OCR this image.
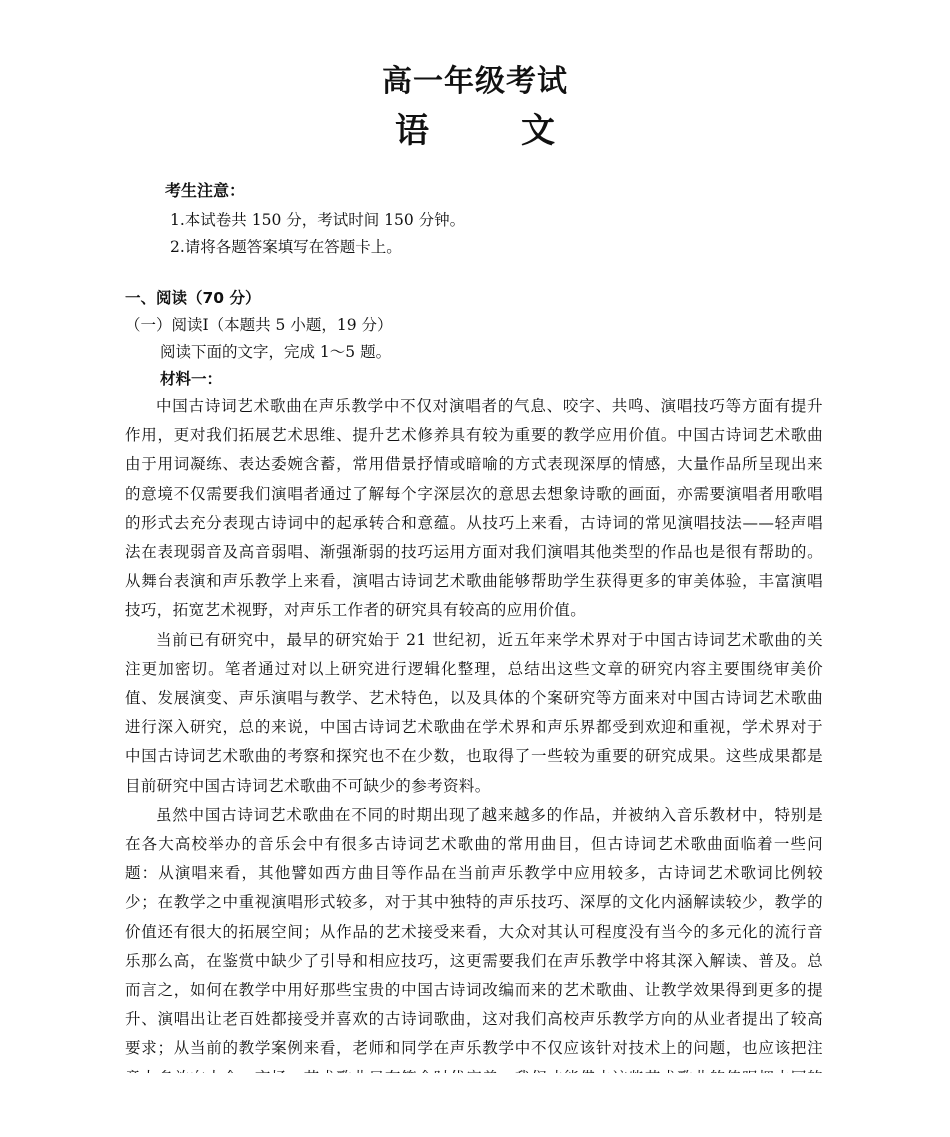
高一年级考试
语	文
考生注意：
1.本试卷共 150 分，考试时间 150 分钟。
2.请将各题答案填写在答题卡上。
一、阅读（70 分）
（一）阅读Ⅰ（本题共 5 小题，19 分）
阅读下面的文字，完成 1～5 题。
材料一：

中国古诗词艺术歌曲在声乐教学中不仅对演唱者的气息、咬字、共鸣、演唱技巧等方面有提升作用，更对我们拓展艺术思维、提升艺术修养具有较为重要的教学应用价值。中国古诗词艺术歌曲由于用词凝练、表达委婉含蓄，常用借景抒情或暗喻的方式表现深厚的情感，大量作品所呈现出来的意境不仅需要我们演唱者通过了解每个字深层次的意思去想象诗歌的画面，亦需要演唱者用歌唱的形式去充分表现古诗词中的起承转合和意蕴。从技巧上来看，古诗词的常见演唱技法——轻声唱法在表现弱音及高音弱唱、渐强渐弱的技巧运用方面对我们演唱其他类型的作品也是很有帮助的。从舞台表演和声乐教学上来看，演唱古诗词艺术歌曲能够帮助学生获得更多的审美体验，丰富演唱技巧，拓宽艺术视野，对声乐工作者的研究具有较高的应用价值。

当前已有研究中，最早的研究始于 21 世纪初，近五年来学术界对于中国古诗词艺术歌曲的关注更加密切。笔者通过对以上研究进行逻辑化整理，总结出这些文章的研究内容主要围绕审美价值、发展演变、声乐演唱与教学、艺术特色，以及具体的个案研究等方面来对中国古诗词艺术歌曲进行深入研究，总的来说，中国古诗词艺术歌曲在学术界和声乐界都受到欢迎和重视，学术界对于中国古诗词艺术歌曲的考察和探究也不在少数，也取得了一些较为重要的研究成果。这些成果都是目前研究中国古诗词艺术歌曲不可缺少的参考资料。

虽然中国古诗词艺术歌曲在不同的时期出现了越来越多的作品，并被纳入音乐教材中，特别是在各大高校举办的音乐会中有很多古诗词艺术歌曲的常用曲目，但古诗词艺术歌曲面临着一些问题：从演唱来看，其他譬如西方曲目等作品在当前声乐教学中应用较多，古诗词艺术歌词比例较少；在教学之中重视演唱形式较多，对于其中独特的声乐技巧、深厚的文化内涵解读较少，教学的价值还有很大的拓展空间；从作品的艺术接受来看，大众对其认可程度没有当今的多元化的流行音乐那么高，在鉴赏中缺少了引导和相应技巧，这更需要我们在声乐教学中将其深入解读、普及。总而言之，如何在教学中用好那些宝贵的中国古诗词改编而来的艺术歌曲、让教学效果得到更多的提升、演唱出让老百姓都接受并喜欢的古诗词歌曲，这对我们高校声乐教学方向的从业者提出了较高要求；从当前的教学案例来看，老师和同学在声乐教学中不仅应该针对技术上的问题，也应该把注
